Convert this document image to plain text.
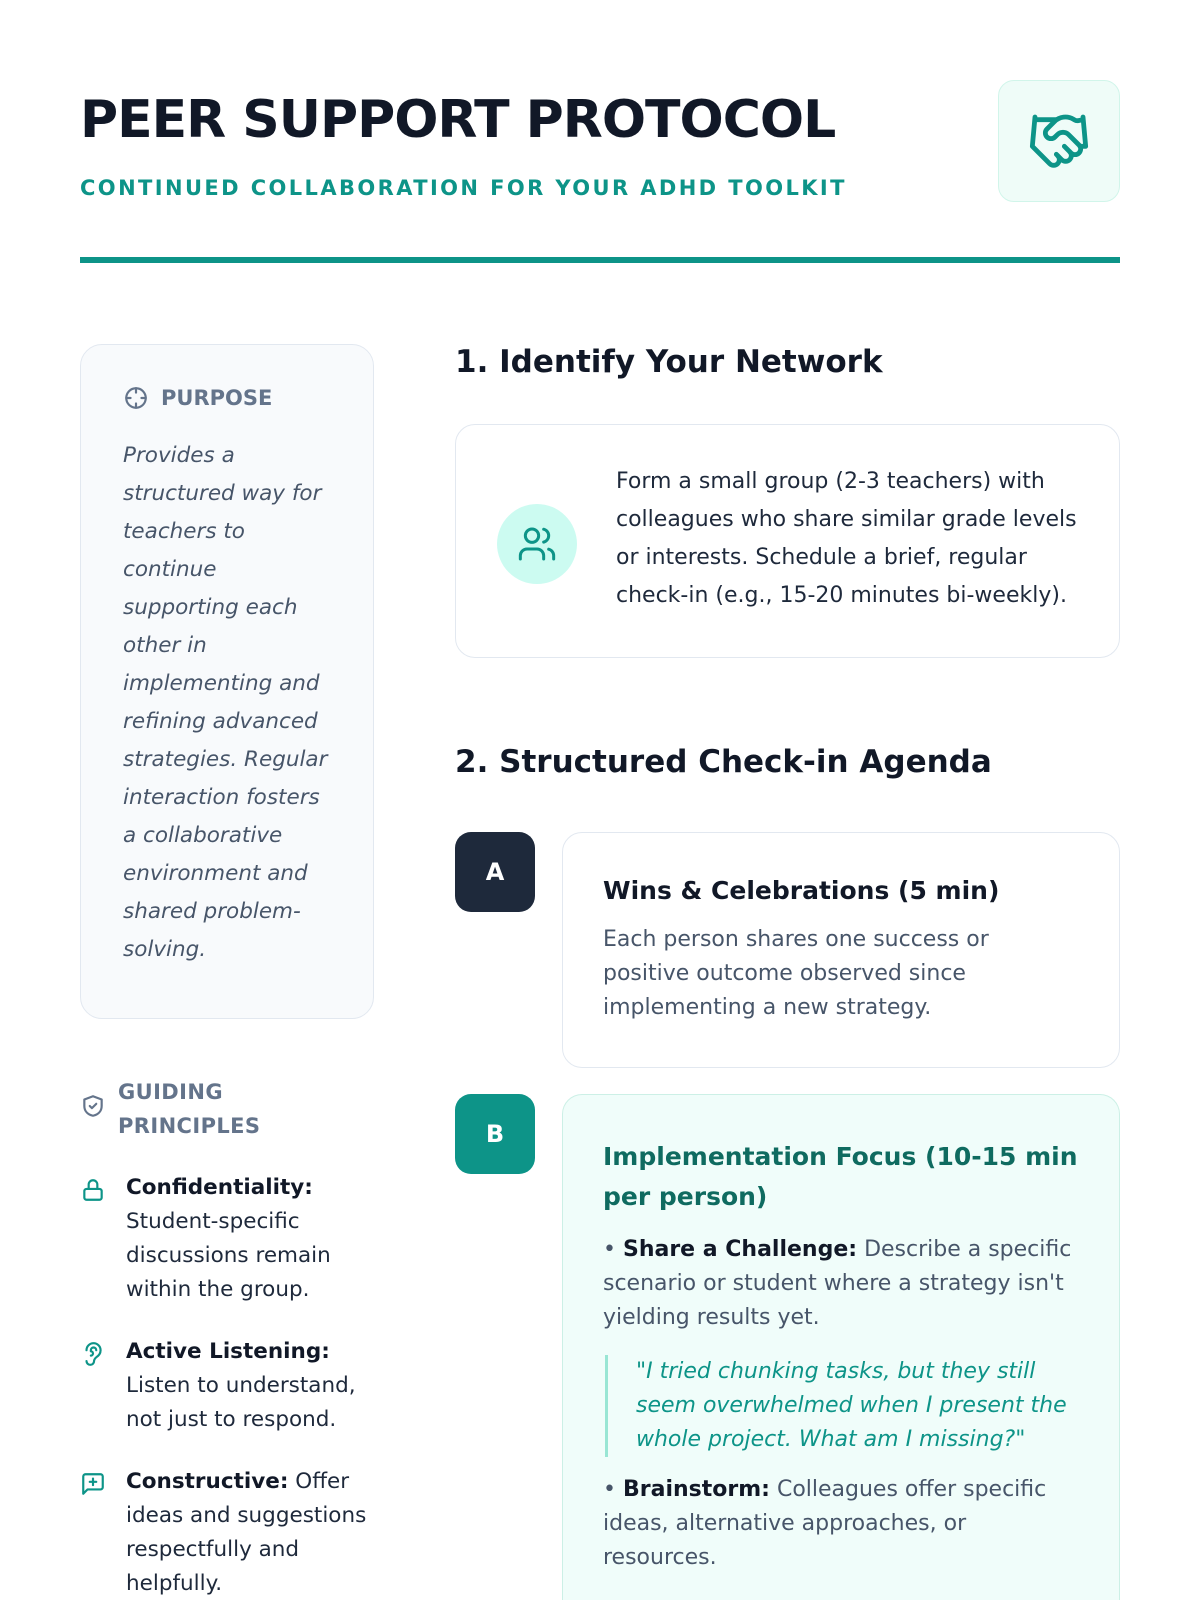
PEER SUPPORT PROTOCOL
CONTINUED COLLABORATION FOR YOUR ADHD TOOLKIT
PURPOSE

Provides a structured way for teachers to continue supporting each other in implementing and refining advanced strategies. Regular interaction fosters a collaborative environment and shared problem-solving.

GUIDING PRINCIPLES
Confidentiality:
Student-specific discussions remain within the group.
Active Listening:
Listen to understand, not just to respond.
Constructive: Offer ideas and suggestions respectfully and helpfully.
1. Identify Your Network

Form a small group (2-3 teachers) with colleagues who share similar grade levels or interests. Schedule a brief, regular check-in (e.g., 15-20 minutes bi-weekly).

2. Structured Check-in Agenda
A
Wins & Celebrations (5 min)

Each person shares one success or positive outcome observed since implementing a new strategy.

B
Implementation Focus (10-15 min per person)

• Share a Challenge: Describe a specific scenario or student where a strategy isn't yielding results yet.

"I tried chunking tasks, but they still seem overwhelmed when I present the whole project. What am I missing?"

• Brainstorm: Colleagues offer specific ideas, alternative approaches, or resources.
